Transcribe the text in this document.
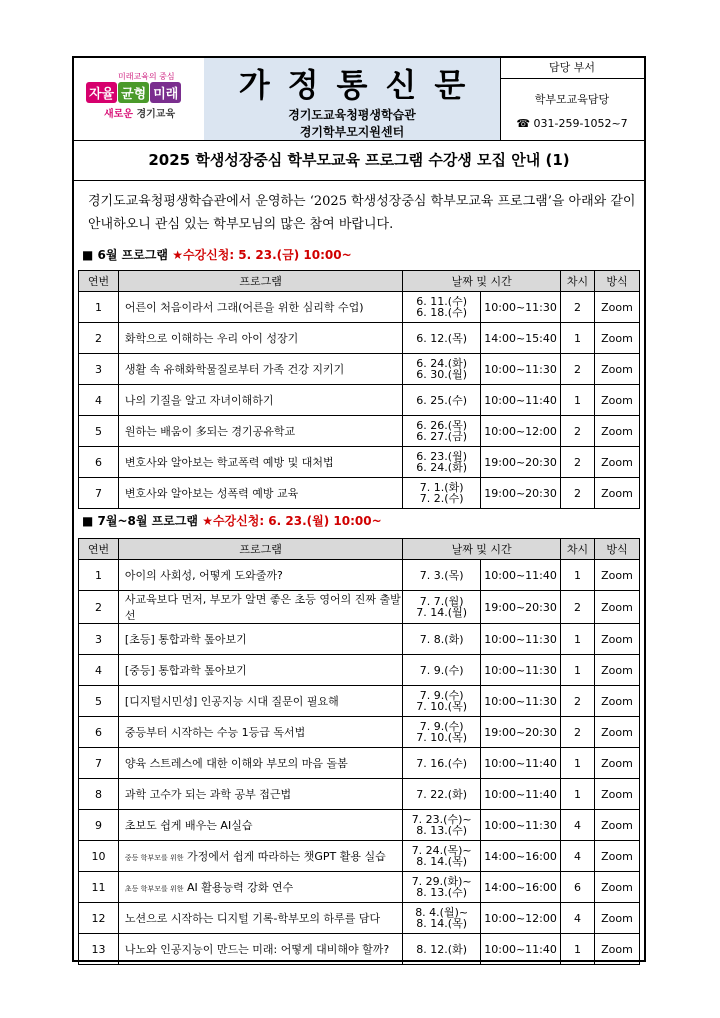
미래교육의 중심
자율 균형 미래
새로운 경기교육
가정통신문
경기도교육청평생학습관
경기학부모지원센터
담당 부서
학부모교육담당
☎ 031-259-1052~7
2025 학생성장중심 학부모교육 프로그램 수강생 모집 안내 (1)
경기도교육청평생학습관에서 운영하는 ‘2025 학생성장중심 학부모교육 프로그램’을 아래와 같이 안내하오니 관심 있는 학부모님의 많은 참여 바랍니다.
■ 6월 프로그램 ★수강신청: 5. 23.(금) 10:00~
연번	프로그램	날짜 및 시간		차시	방식
1	어른이 처음이라서 그래(어른을 위한 심리학 수업)	6. 11.(수)
6. 18.(수)	10:00~11:30	2	Zoom
2	화학으로 이해하는 우리 아이 성장기	6. 12.(목)	14:00~15:40	1	Zoom
3	생활 속 유해화학물질로부터 가족 건강 지키기	6. 24.(화)
6. 30.(월)	10:00~11:30	2	Zoom
4	나의 기질을 알고 자녀이해하기	6. 25.(수)	10:00~11:40	1	Zoom
5	원하는 배움이 多되는 경기공유학교	6. 26.(목)
6. 27.(금)	10:00~12:00	2	Zoom
6	변호사와 알아보는 학교폭력 예방 및 대처법	6. 23.(월)
6. 24.(화)	19:00~20:30	2	Zoom
7	변호사와 알아보는 성폭력 예방 교육	7. 1.(화)
7. 2.(수)	19:00~20:30	2	Zoom
■ 7월~8월 프로그램 ★수강신청: 6. 23.(월) 10:00~
연번	프로그램	날짜 및 시간		차시	방식
1	아이의 사회성, 어떻게 도와줄까?	7. 3.(목)	10:00~11:40	1	Zoom
2	사교육보다 먼저, 부모가 알면 좋은 초등 영어의 진짜 출발선	7. 7.(월)
7. 14.(월)	19:00~20:30	2	Zoom
3	[초등] 통합과학 톺아보기	7. 8.(화)	10:00~11:30	1	Zoom
4	[중등] 통합과학 톺아보기	7. 9.(수)	10:00~11:30	1	Zoom
5	[디지털시민성] 인공지능 시대 질문이 필요해	7. 9.(수)
7. 10.(목)	10:00~11:30	2	Zoom
6	중등부터 시작하는 수능 1등급 독서법	7. 9.(수)
7. 10.(목)	19:00~20:30	2	Zoom
7	양육 스트레스에 대한 이해와 부모의 마음 돌봄	7. 16.(수)	10:00~11:40	1	Zoom
8	과학 고수가 되는 과학 공부 접근법	7. 22.(화)	10:00~11:40	1	Zoom
9	초보도 쉽게 배우는 AI실습	7. 23.(수)~
8. 13.(수)	10:00~11:30	4	Zoom
10	중등 학부모를 위한 가정에서 쉽게 따라하는 챗GPT 활용 실습	7. 24.(목)~
8. 14.(목)	14:00~16:00	4	Zoom
11	초등 학부모를 위한 AI 활용능력 강화 연수	7. 29.(화)~
8. 13.(수)	14:00~16:00	6	Zoom
12	노션으로 시작하는 디지털 기록-학부모의 하루를 담다	8. 4.(월)~
8. 14.(목)	10:00~12:00	4	Zoom
13	나노와 인공지능이 만드는 미래: 어떻게 대비해야 할까?	8. 12.(화)	10:00~11:40	1	Zoom
